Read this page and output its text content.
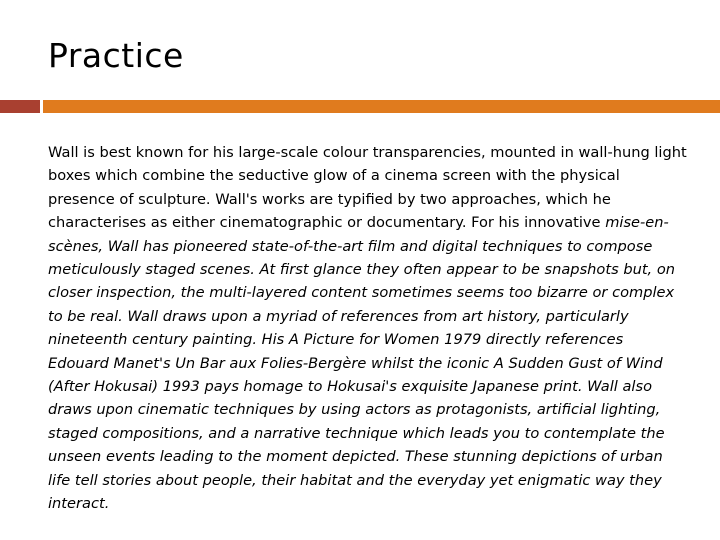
Practice

Wall is best known for his large-scale colour transparencies, mounted in wall-hung light boxes which combine the seductive glow of a cinema screen with the physical presence of sculpture. Wall's works are typified by two approaches, which he characterises as either cinematographic or documentary. For his innovative mise-en-scènes, Wall has pioneered state-of-the-art film and digital techniques to compose meticulously staged scenes. At first glance they often appear to be snapshots but, on closer inspection, the multi-layered content sometimes seems too bizarre or complex to be real. Wall draws upon a myriad of references from art history, particularly nineteenth century painting. His A Picture for Women 1979 directly references Edouard Manet's Un Bar aux Folies-Bergère whilst the iconic A Sudden Gust of Wind (After Hokusai) 1993 pays homage to Hokusai's exquisite Japanese print. Wall also draws upon cinematic techniques by using actors as protagonists, artificial lighting, staged compositions, and a narrative technique which leads you to contemplate the unseen events leading to the moment depicted. These stunning depictions of urban life tell stories about people, their habitat and the everyday yet enigmatic way they interact.
